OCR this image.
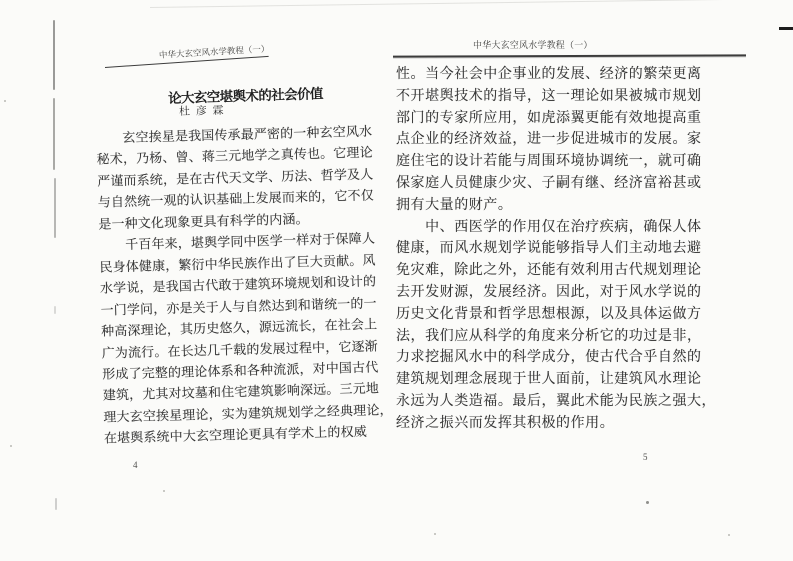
中华大玄空风水学教程（一）
论大玄空堪舆术的社会价值
杜 彦 霖
　　玄空挨星是我国传承最严密的一种玄空风水
秘术，乃杨、曾、蒋三元地学之真传也。它理论
严谨而系统，是在古代天文学、历法、哲学及人
与自然统一观的认识基础上发展而来的，它不仅
是一种文化现象更具有科学的内涵。
　　千百年来，堪舆学同中医学一样对于保障人
民身体健康，繁衍中华民族作出了巨大贡献。风
水学说，是我国古代敢于建筑环境规划和设计的
一门学问，亦是关于人与自然达到和谐统一的一
种高深理论，其历史悠久，源远流长，在社会上
广为流行。在长达几千载的发展过程中，它逐渐
形成了完整的理论体系和各种流派，对中国古代
建筑，尤其对坟墓和住宅建筑影响深远。三元地
理大玄空挨星理论，实为建筑规划学之经典理论，
在堪舆系统中大玄空理论更具有学术上的权威
4
中华大玄空风水学教程（一）
性。当今社会中企事业的发展、经济的繁荣更离
不开堪舆技术的指导，这一理论如果被城市规划
部门的专家所应用，如虎添翼更能有效地提高重
点企业的经济效益，进一步促进城市的发展。家
庭住宅的设计若能与周围环境协调统一，就可确
保家庭人员健康少灾、子嗣有继、经济富裕甚或
拥有大量的财产。
　　中、西医学的作用仅在治疗疾病，确保人体
健康，而风水规划学说能够指导人们主动地去避
免灾难，除此之外，还能有效利用古代规划理论
去开发财源，发展经济。因此，对于风水学说的
历史文化背景和哲学思想根源，以及具体运做方
法，我们应从科学的角度来分析它的功过是非，
力求挖掘风水中的科学成分，使古代合乎自然的
建筑规划理念展现于世人面前，让建筑风水理论
永远为人类造福。最后，翼此术能为民族之强大，
经济之振兴而发挥其积极的作用。
5
